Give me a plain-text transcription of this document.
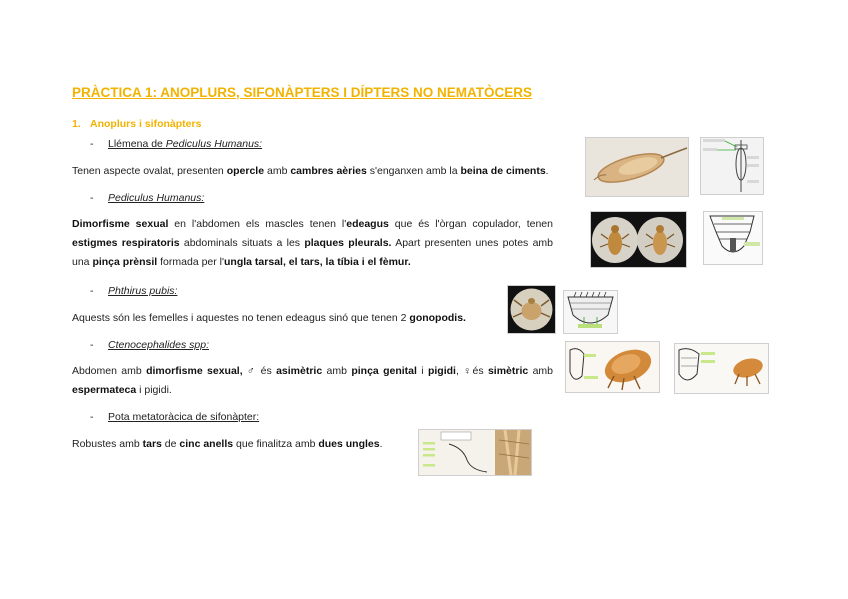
PRÀCTICA 1: ANOPLURS, SIFONÀPTERS I DÍPTERS NO NEMATÒCERS
1. Anoplurs i sifonàpters
- Llémena de Pediculus Humanus:
Tenen aspecte ovalat, presenten opercle amb cambres aèries s'enganxen amb la beina de ciments.
- Pediculus Humanus:
Dimorfisme sexual en l'abdomen els mascles tenen l'edeagus que és l'òrgan copulador, tenen estigmes respiratoris abdominals situats a les plaques pleurals. Apart presenten unes potes amb una pinça prènsil formada per l'ungla tarsal, el tars, la tíbia i el fèmur.
- Phthirus pubis:
Aquests són les femelles i aquestes no tenen edeagus sinó que tenen 2 gonopodis.
- Ctenocephalides spp:
Abdomen amb dimorfisme sexual, ♂ és asimètric amb pinça genital i pigidi, ♀és simètric amb espermateca i pigidi.
- Pota metatoràcica de sifonàpter:
Robustes amb tars de cinc anells que finalitza amb dues ungles.
